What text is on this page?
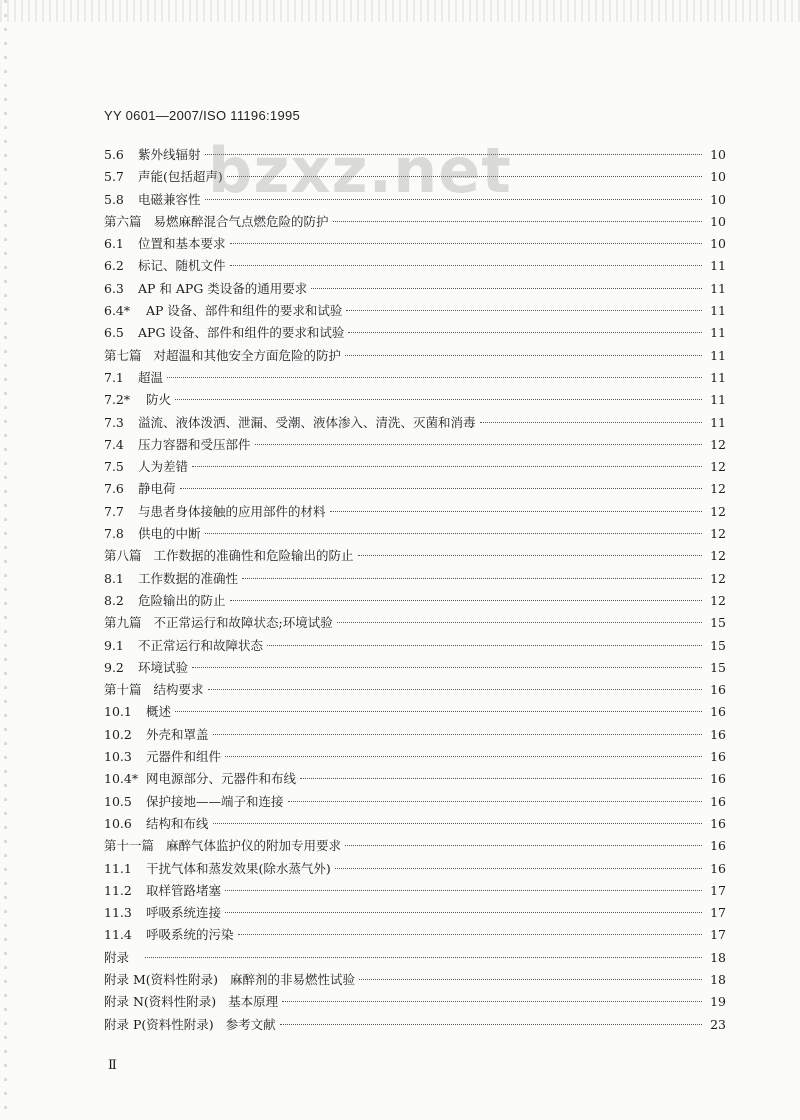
YY 0601—2007/ISO 11196:1995
5.6	紫外线辐射	10
5.7	声能(包括超声)	10
5.8	电磁兼容性	10
第六篇 易燃麻醉混合气点燃危险的防护	10
6.1	位置和基本要求	10
6.2	标记、随机文件	11
6.3	AP 和 APG 类设备的通用要求	11
6.4*	AP 设备、部件和组件的要求和试验	11
6.5	APG 设备、部件和组件的要求和试验	11
第七篇 对超温和其他安全方面危险的防护	11
7.1	超温	11
7.2*	防火	11
7.3	溢流、液体泼洒、泄漏、受潮、液体渗入、清洗、灭菌和消毒	11
7.4	压力容器和受压部件	12
7.5	人为差错	12
7.6	静电荷	12
7.7	与患者身体接触的应用部件的材料	12
7.8	供电的中断	12
第八篇 工作数据的准确性和危险输出的防止	12
8.1	工作数据的准确性	12
8.2	危险输出的防止	12
第九篇 不正常运行和故障状态;环境试验	15
9.1	不正常运行和故障状态	15
9.2	环境试验	15
第十篇 结构要求	16
10.1	概述	16
10.2	外壳和罩盖	16
10.3	元器件和组件	16
10.4* 网电源部分、元器件和布线	16
10.5	保护接地——端子和连接	16
10.6	结构和布线	16
第十一篇 麻醉气体监护仪的附加专用要求	16
11.1	干扰气体和蒸发效果(除水蒸气外)	16
11.2	取样管路堵塞	17
11.3	呼吸系统连接	17
11.4	呼吸系统的污染	17
附录	18
附录 M(资料性附录) 麻醉剂的非易燃性试验	18
附录 N(资料性附录) 基本原理	19
附录 P(资料性附录) 参考文献	23
bzxz.net
Ⅱ
